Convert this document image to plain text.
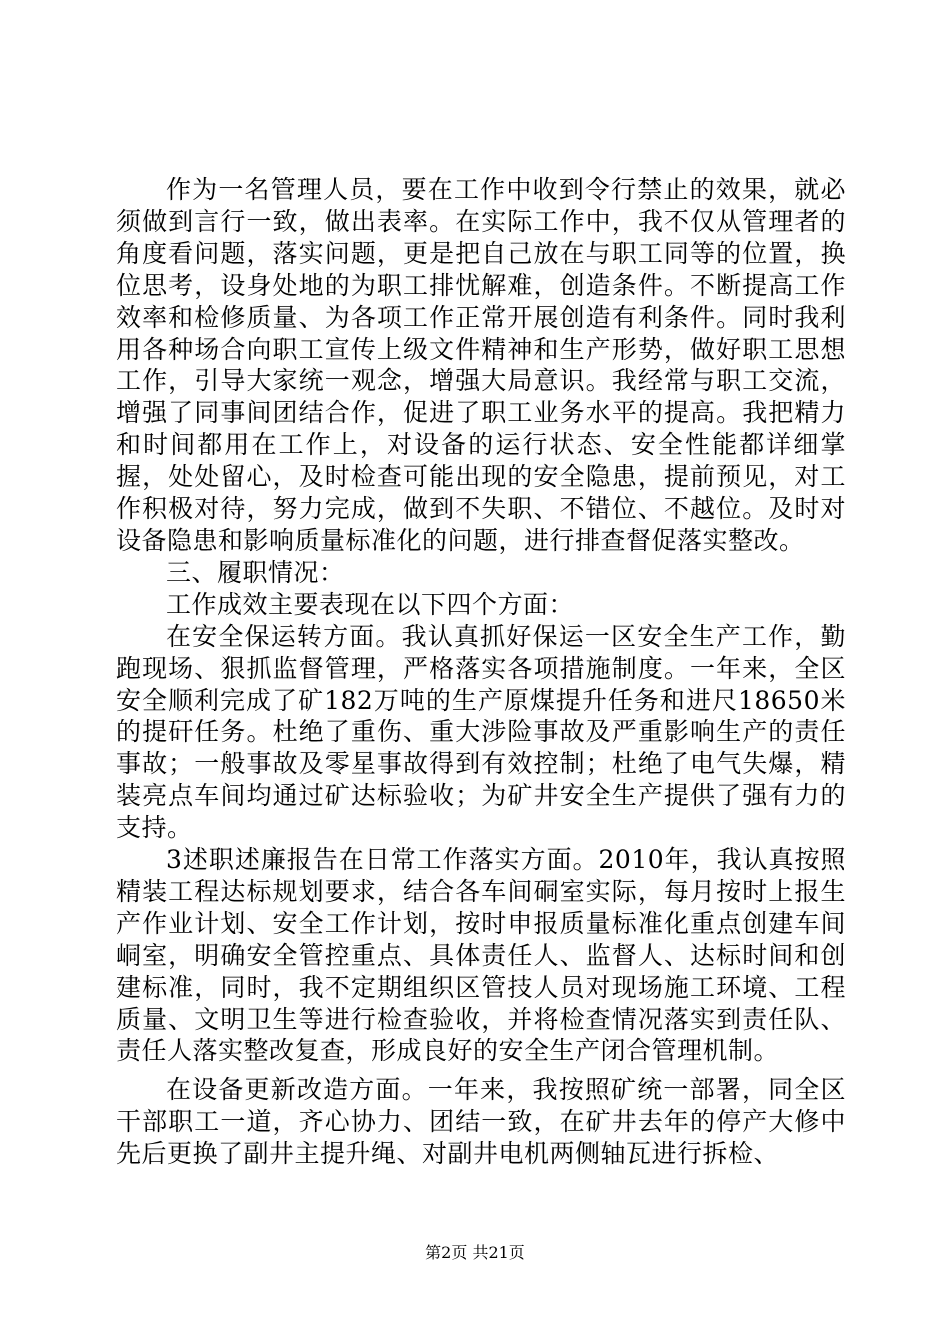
作为一名管理人员，要在工作中收到令行禁止的效果，就必须做到言行一致，做出表率。在实际工作中，我不仅从管理者的角度看问题，落实问题，更是把自己放在与职工同等的位置，换位思考，设身处地的为职工排忧解难，创造条件。不断提高工作效率和检修质量、为各项工作正常开展创造有利条件。同时我利用各种场合向职工宣传上级文件精神和生产形势，做好职工思想工作，引导大家统一观念，增强大局意识。我经常与职工交流，增强了同事间团结合作，促进了职工业务水平的提高。我把精力和时间都用在工作上，对设备的运行状态、安全性能都详细掌握，处处留心，及时检查可能出现的安全隐患，提前预见，对工作积极对待，努力完成，做到不失职、不错位、不越位。及时对设备隐患和影响质量标准化的问题，进行排查督促落实整改。

三、履职情况：

工作成效主要表现在以下四个方面：

在安全保运转方面。我认真抓好保运一区安全生产工作，勤跑现场、狠抓监督管理，严格落实各项措施制度。一年来，全区安全顺利完成了矿182万吨的生产原煤提升任务和进尺18650米的提矸任务。杜绝了重伤、重大涉险事故及严重影响生产的责任事故；一般事故及零星事故得到有效控制；杜绝了电气失爆，精装亮点车间均通过矿达标验收；为矿井安全生产提供了强有力的支持。

3述职述廉报告在日常工作落实方面。2010年，我认真按照精装工程达标规划要求，结合各车间硐室实际，每月按时上报生产作业计划、安全工作计划，按时申报质量标准化重点创建车间峒室，明确安全管控重点、具体责任人、监督人、达标时间和创建标准，同时，我不定期组织区管技人员对现场施工环境、工程质量、文明卫生等进行检查验收，并将检查情况落实到责任队、责任人落实整改复查，形成良好的安全生产闭合管理机制。

在设备更新改造方面。一年来，我按照矿统一部署，同全区干部职工一道，齐心协力、团结一致，在矿井去年的停产大修中先后更换了副井主提升绳、对副井电机两侧轴瓦进行拆检、

第2页 共21页
